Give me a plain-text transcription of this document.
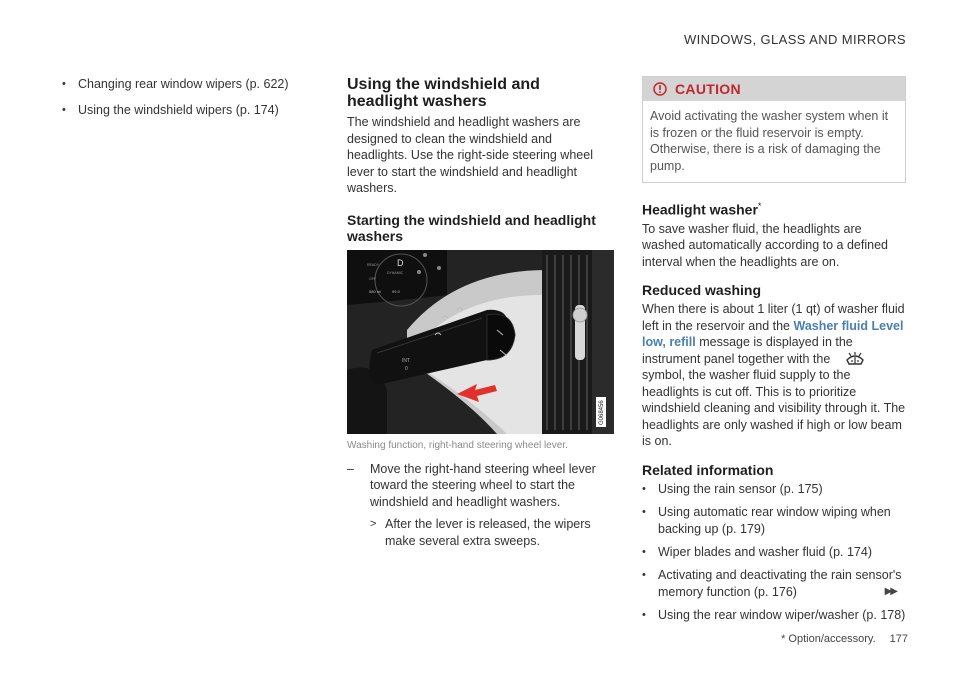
WINDOWS, GLASS AND MIRRORS
• Changing rear window wipers (p. 622)
• Using the windshield wipers (p. 174)
Using the windshield and headlight washers

The windshield and headlight washers are designed to clean the windshield and headlights. Use the right-side steering wheel lever to start the windshield and headlight washers.

Starting the windshield and headlight washers
D
READY
DYNAMIC
OFF
580 mi	99.9
INT
0
G068456
Washing function, right-hand steering wheel lever.
– Move the right-hand steering wheel lever toward the steering wheel to start the windshield and headlight washers.
> After the lever is released, the wipers make several extra sweeps.
CAUTION
Avoid activating the washer system when it is frozen or the fluid reservoir is empty. Otherwise, there is a risk of damaging the pump.
Headlight washer*

To save washer fluid, the headlights are washed automatically according to a defined interval when the headlights are on.

Reduced washing

When there is about 1 liter (1 qt) of washer fluid left in the reservoir and the Washer fluid Level low, refill message is displayed in the instrument panel together with thesymbol, the washer fluid supply to the headlights is cut off. This is to prioritize windshield cleaning and visibility through it. The headlights are only washed if high or low beam is on.

Related information
• Using the rain sensor (p. 175)
• Using automatic rear window wiping when backing up (p. 179)
• Wiper blades and washer fluid (p. 174)
• Activating and deactivating the rain sensor's memory function (p. 176)
• Using the rear window wiper/washer (p. 178)
▶▶
* Option/accessory. 177
